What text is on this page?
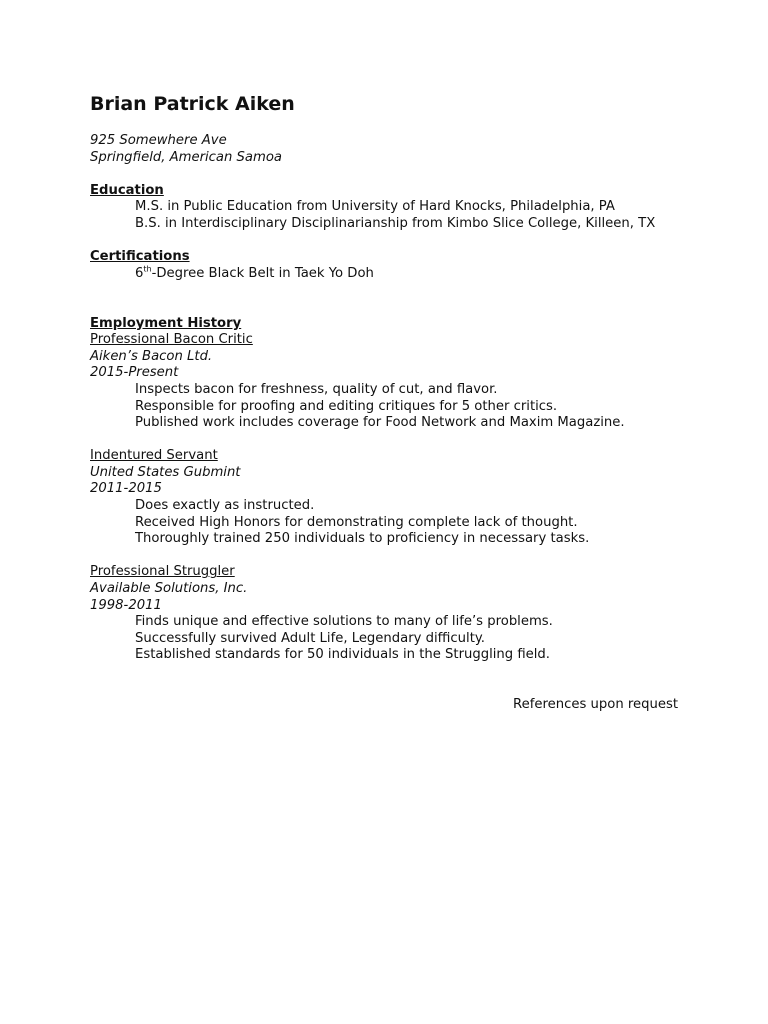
Brian Patrick Aiken
925 Somewhere Ave
Springfield, American Samoa
Education
M.S. in Public Education from University of Hard Knocks, Philadelphia, PA
B.S. in Interdisciplinary Disciplinarianship from Kimbo Slice College, Killeen, TX
Certifications
6th-Degree Black Belt in Taek Yo Doh
Employment History
Professional Bacon Critic
Aiken’s Bacon Ltd.
2015-Present
Inspects bacon for freshness, quality of cut, and flavor.
Responsible for proofing and editing critiques for 5 other critics.
Published work includes coverage for Food Network and Maxim Magazine.
Indentured Servant
United States Gubmint
2011-2015
Does exactly as instructed.
Received High Honors for demonstrating complete lack of thought.
Thoroughly trained 250 individuals to proficiency in necessary tasks.
Professional Struggler
Available Solutions, Inc.
1998-2011
Finds unique and effective solutions to many of life’s problems.
Successfully survived Adult Life, Legendary difficulty.
Established standards for 50 individuals in the Struggling field.
References upon request
